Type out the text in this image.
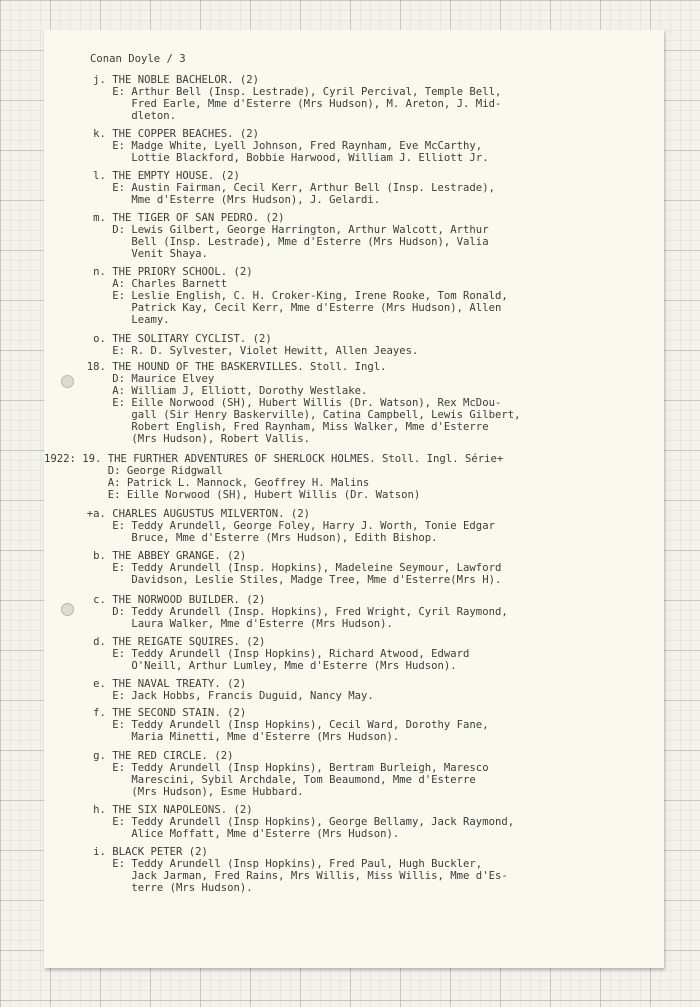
Conan Doyle / 3
j. THE NOBLE BACHELOR. (2)
E: Arthur Bell (Insp. Lestrade), Cyril Percival, Temple Bell,
Fred Earle, Mme d'Esterre (Mrs Hudson), M. Areton, J. Mid-
dleton.
k. THE COPPER BEACHES. (2)
E: Madge White, Lyell Johnson, Fred Raynham, Eve McCarthy,
Lottie Blackford, Bobbie Harwood, William J. Elliott Jr.
l. THE EMPTY HOUSE. (2)
E: Austin Fairman, Cecil Kerr, Arthur Bell (Insp. Lestrade),
Mme d'Esterre (Mrs Hudson), J. Gelardi.
m. THE TIGER OF SAN PEDRO. (2)
D: Lewis Gilbert, George Harrington, Arthur Walcott, Arthur
Bell (Insp. Lestrade), Mme d'Esterre (Mrs Hudson), Valia
Venit Shaya.
n. THE PRIORY SCHOOL. (2)
A: Charles Barnett
E: Leslie English, C. H. Croker-King, Irene Rooke, Tom Ronald,
Patrick Kay, Cecil Kerr, Mme d'Esterre (Mrs Hudson), Allen
Leamy.
o. THE SOLITARY CYCLIST. (2)
E: R. D. Sylvester, Violet Hewitt, Allen Jeayes.
18. THE HOUND OF THE BASKERVILLES. Stoll. Ingl.
D: Maurice Elvey
A: William J, Elliott, Dorothy Westlake.
E: Eille Norwood (SH), Hubert Willis (Dr. Watson), Rex McDou-
gall (Sir Henry Baskerville), Catina Campbell, Lewis Gilbert,
Robert English, Fred Raynham, Miss Walker, Mme d'Esterre
(Mrs Hudson), Robert Vallis.
1922: 19. THE FURTHER ADVENTURES OF SHERLOCK HOLMES. Stoll. Ingl. Série+
D: George Ridgwall
A: Patrick L. Mannock, Geoffrey H. Malins
E: Eille Norwood (SH), Hubert Willis (Dr. Watson)
+a. CHARLES AUGUSTUS MILVERTON. (2)
E: Teddy Arundell, George Foley, Harry J. Worth, Tonie Edgar
Bruce, Mme d'Esterre (Mrs Hudson), Edith Bishop.
b. THE ABBEY GRANGE. (2)
E: Teddy Arundell (Insp. Hopkins), Madeleine Seymour, Lawford
Davidson, Leslie Stiles, Madge Tree, Mme d'Esterre(Mrs H).
c. THE NORWOOD BUILDER. (2)
D: Teddy Arundell (Insp. Hopkins), Fred Wright, Cyril Raymond,
Laura Walker, Mme d'Esterre (Mrs Hudson).
d. THE REIGATE SQUIRES. (2)
E: Teddy Arundell (Insp Hopkins), Richard Atwood, Edward
O'Neill, Arthur Lumley, Mme d'Esterre (Mrs Hudson).
e. THE NAVAL TREATY. (2)
E: Jack Hobbs, Francis Duguid, Nancy May.
f. THE SECOND STAIN. (2)
E: Teddy Arundell (Insp Hopkins), Cecil Ward, Dorothy Fane,
Maria Minetti, Mme d'Esterre (Mrs Hudson).
g. THE RED CIRCLE. (2)
E: Teddy Arundell (Insp Hopkins), Bertram Burleigh, Maresco
Marescini, Sybil Archdale, Tom Beaumond, Mme d'Esterre
(Mrs Hudson), Esme Hubbard.
h. THE SIX NAPOLEONS. (2)
E: Teddy Arundell (Insp Hopkins), George Bellamy, Jack Raymond,
Alice Moffatt, Mme d'Esterre (Mrs Hudson).
i. BLACK PETER (2)
E: Teddy Arundell (Insp Hopkins), Fred Paul, Hugh Buckler,
Jack Jarman, Fred Rains, Mrs Willis, Miss Willis, Mme d'Es-
terre (Mrs Hudson).
